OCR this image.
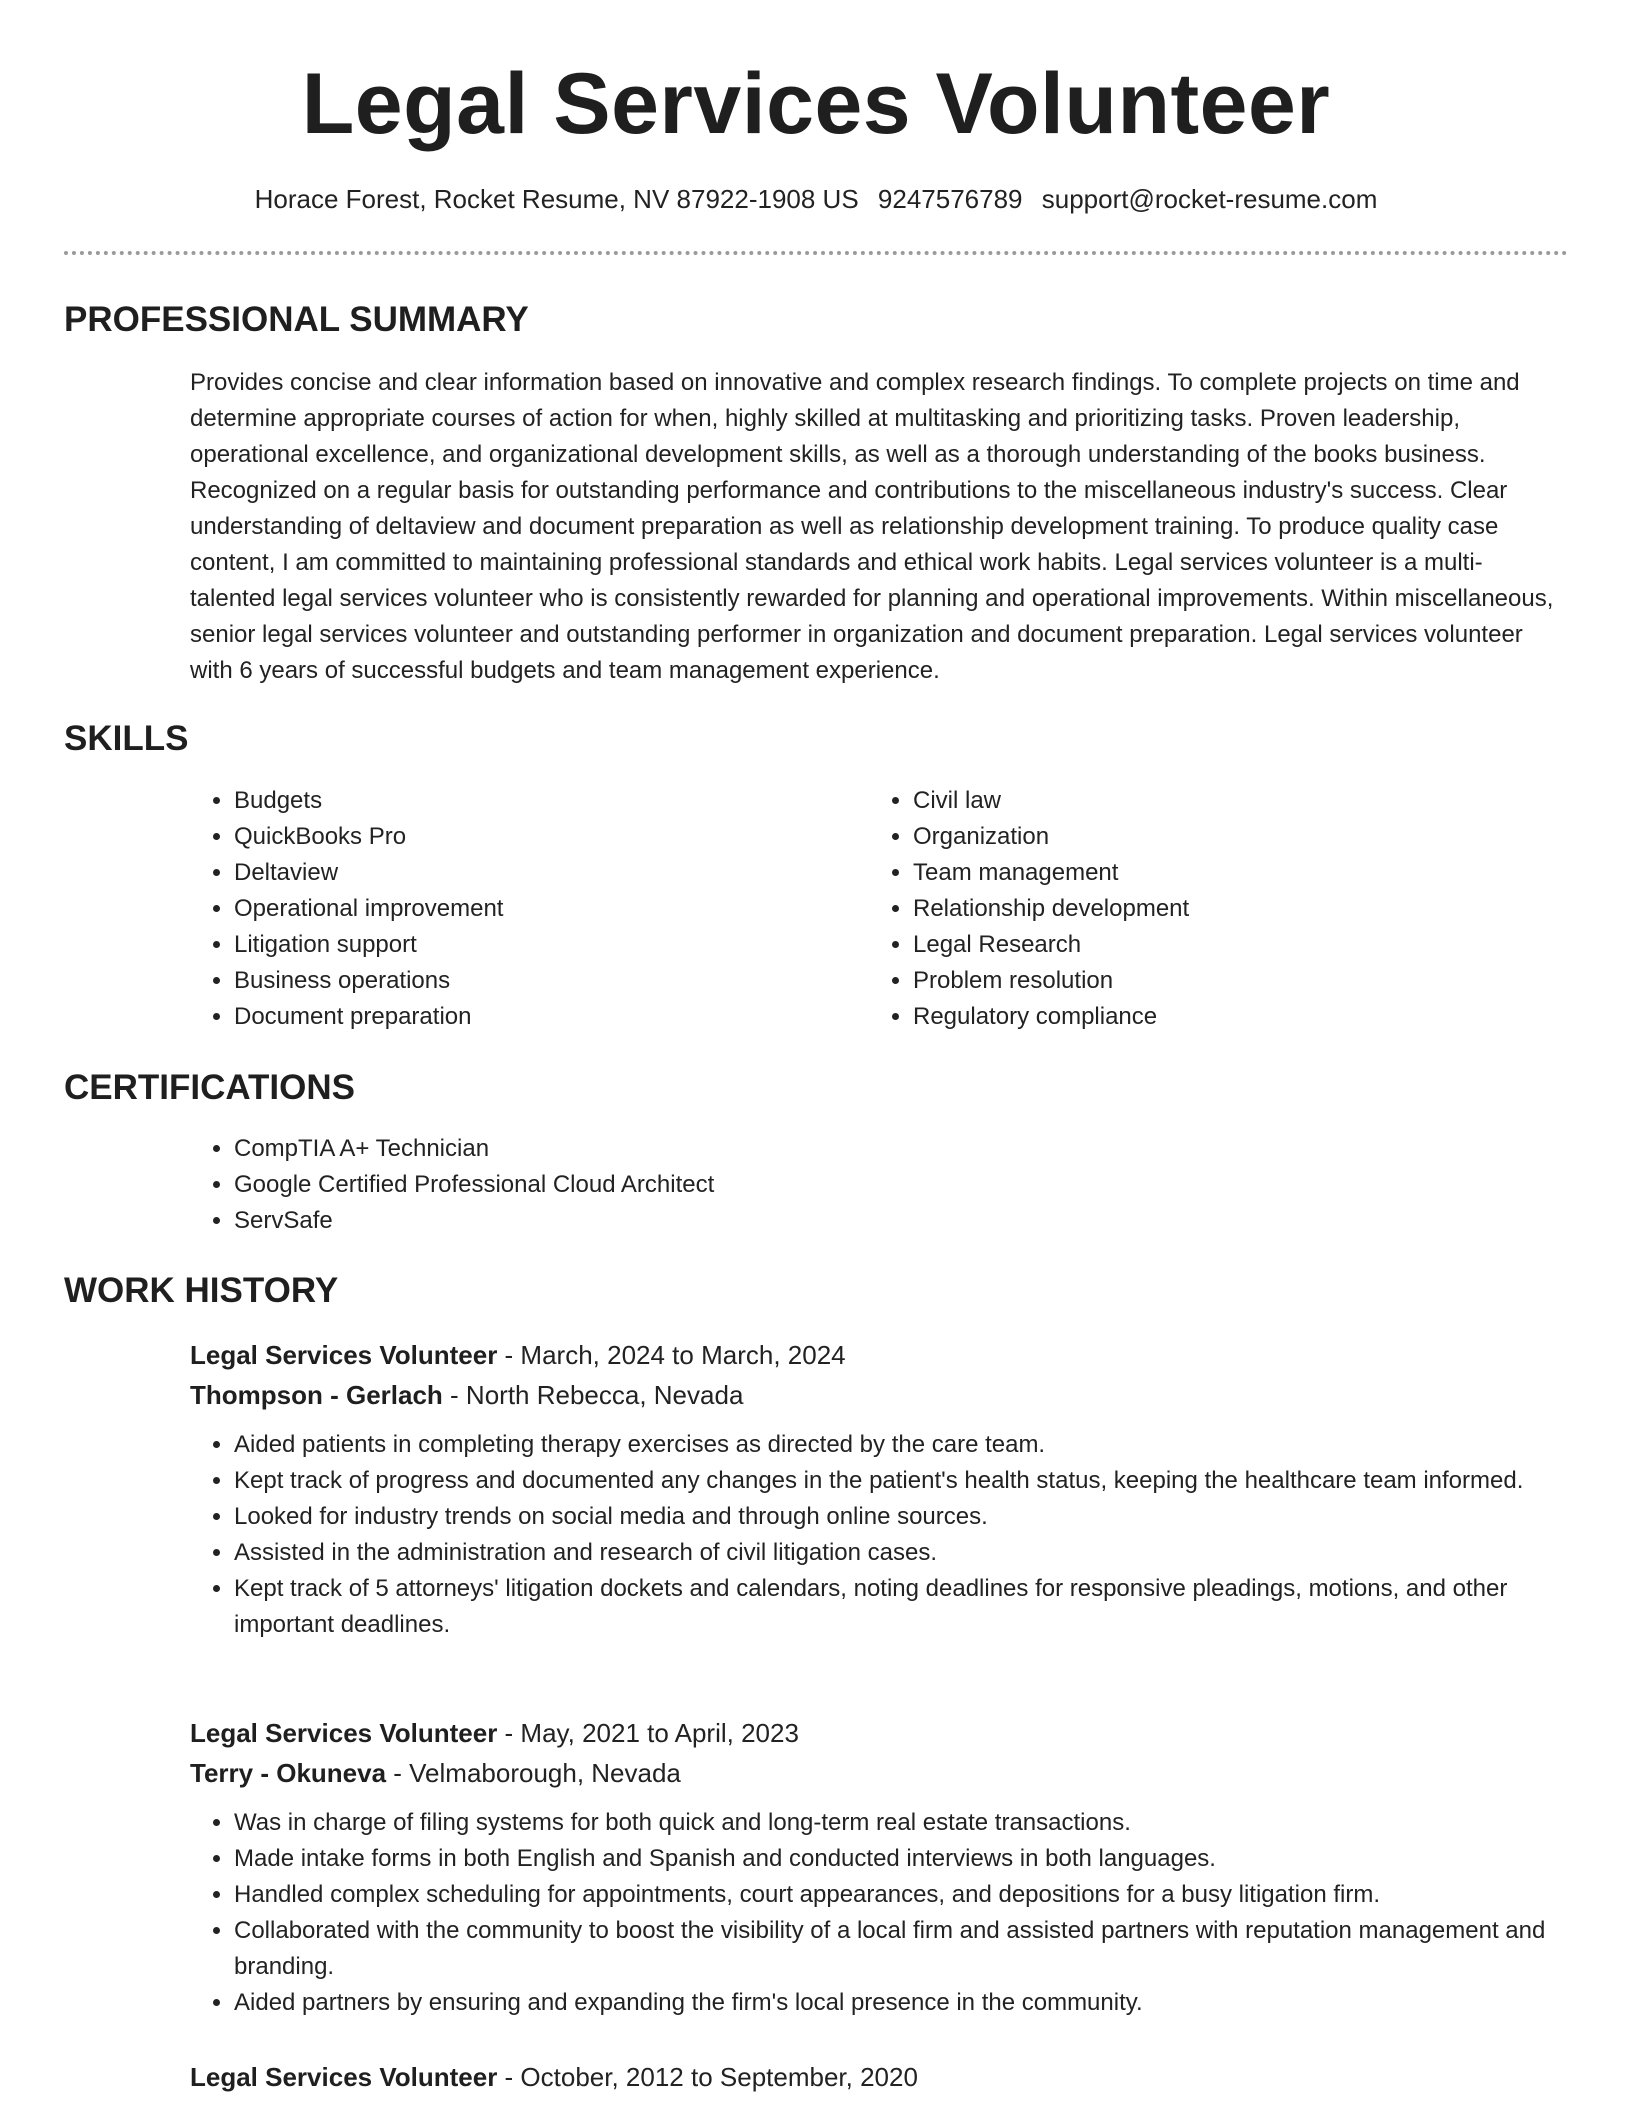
Legal Services Volunteer
Horace Forest, Rocket Resume, NV 87922-1908 US 9247576789 support@rocket-resume.com
PROFESSIONAL SUMMARY

Provides concise and clear information based on innovative and complex research findings. To complete projects on time and determine appropriate courses of action for when, highly skilled at multitasking and prioritizing tasks. Proven leadership, operational excellence, and organizational development skills, as well as a thorough understanding of the books business. Recognized on a regular basis for outstanding performance and contributions to the miscellaneous industry's success. Clear understanding of deltaview and document preparation as well as relationship development training. To produce quality case content, I am committed to maintaining professional standards and ethical work habits. Legal services volunteer is a multi-talented legal services volunteer who is consistently rewarded for planning and operational improvements. Within miscellaneous, senior legal services volunteer and outstanding performer in organization and document preparation. Legal services volunteer with 6 years of successful budgets and team management experience.

SKILLS
• Budgets
• QuickBooks Pro
• Deltaview
• Operational improvement
• Litigation support
• Business operations
• Document preparation
• Civil law
• Organization
• Team management
• Relationship development
• Legal Research
• Problem resolution
• Regulatory compliance
CERTIFICATIONS
• CompTIA A+ Technician
• Google Certified Professional Cloud Architect
• ServSafe
WORK HISTORY
Legal Services Volunteer - March, 2024 to March, 2024
Thompson - Gerlach - North Rebecca, Nevada
• Aided patients in completing therapy exercises as directed by the care team.
• Kept track of progress and documented any changes in the patient's health status, keeping the healthcare team informed.
• Looked for industry trends on social media and through online sources.
• Assisted in the administration and research of civil litigation cases.
• Kept track of 5 attorneys' litigation dockets and calendars, noting deadlines for responsive pleadings, motions, and other important deadlines.
Legal Services Volunteer - May, 2021 to April, 2023
Terry - Okuneva - Velmaborough, Nevada
• Was in charge of filing systems for both quick and long-term real estate transactions.
• Made intake forms in both English and Spanish and conducted interviews in both languages.
• Handled complex scheduling for appointments, court appearances, and depositions for a busy litigation firm.
• Collaborated with the community to boost the visibility of a local firm and assisted partners with reputation management and branding.
• Aided partners by ensuring and expanding the firm's local presence in the community.
Legal Services Volunteer - October, 2012 to September, 2020
